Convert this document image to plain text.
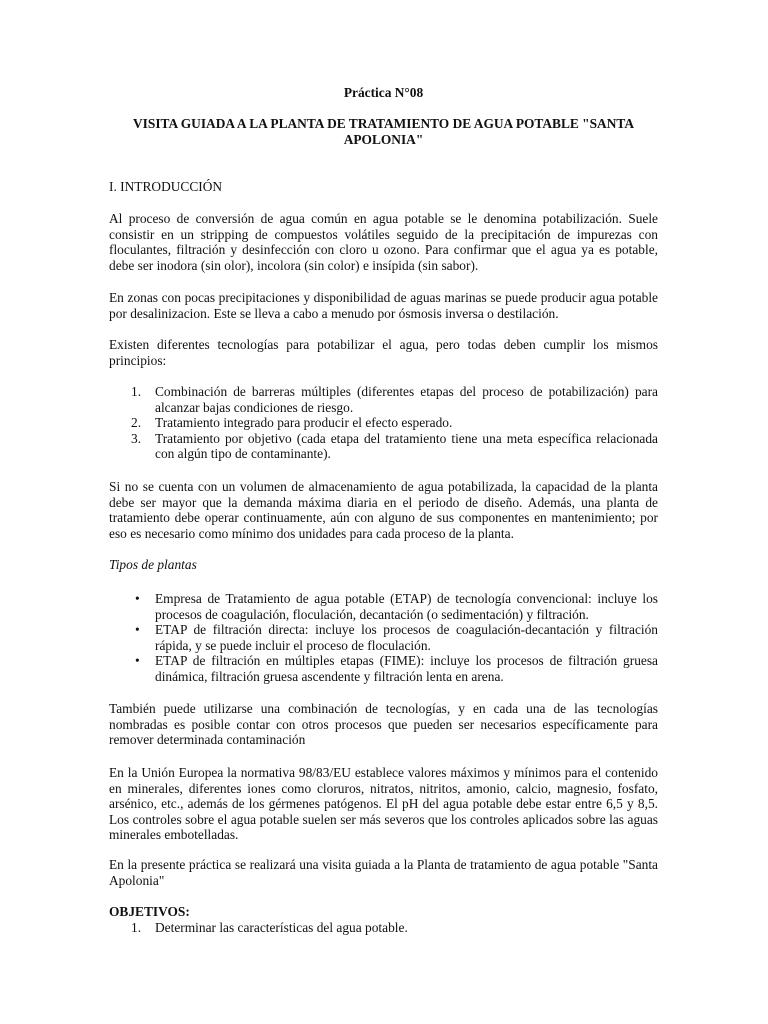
Práctica N°08

VISITA GUIADA A LA PLANTA DE TRATAMIENTO DE AGUA POTABLE "SANTA APOLONIA"

I. INTRODUCCIÓN

Al proceso de conversión de agua común en agua potable se le denomina potabilización. Suele consistir en un stripping de compuestos volátiles seguido de la precipitación de impurezas con floculantes, filtración y desinfección con cloro u ozono. Para confirmar que el agua ya es potable, debe ser inodora (sin olor), incolora (sin color) e insípida (sin sabor).

En zonas con pocas precipitaciones y disponibilidad de aguas marinas se puede producir agua potable por desalinizacion. Este se lleva a cabo a menudo por ósmosis inversa o destilación.

Existen diferentes tecnologías para potabilizar el agua, pero todas deben cumplir los mismos principios:

1.	Combinación de barreras múltiples (diferentes etapas del proceso de potabilización) para alcanzar bajas condiciones de riesgo.
2.	Tratamiento integrado para producir el efecto esperado.
3.	Tratamiento por objetivo (cada etapa del tratamiento tiene una meta específica relacionada con algún tipo de contaminante).

Si no se cuenta con un volumen de almacenamiento de agua potabilizada, la capacidad de la planta debe ser mayor que la demanda máxima diaria en el periodo de diseño. Además, una planta de tratamiento debe operar continuamente, aún con alguno de sus componentes en mantenimiento; por eso es necesario como mínimo dos unidades para cada proceso de la planta.

Tipos de plantas

•	Empresa de Tratamiento de agua potable (ETAP) de tecnología convencional: incluye los procesos de coagulación, floculación, decantación (o sedimentación) y filtración.
•	ETAP de filtración directa: incluye los procesos de coagulación-decantación y filtración rápida, y se puede incluir el proceso de floculación.
•	ETAP de filtración en múltiples etapas (FIME): incluye los procesos de filtración gruesa dinámica, filtración gruesa ascendente y filtración lenta en arena.

También puede utilizarse una combinación de tecnologías, y en cada una de las tecnologías nombradas es posible contar con otros procesos que pueden ser necesarios específicamente para remover determinada contaminación

En la Unión Europea la normativa 98/83/EU establece valores máximos y mínimos para el contenido en minerales, diferentes iones como cloruros, nitratos, nitritos, amonio, calcio, magnesio, fosfato, arsénico, etc., además de los gérmenes patógenos. El pH del agua potable debe estar entre 6,5 y 8,5. Los controles sobre el agua potable suelen ser más severos que los controles aplicados sobre las aguas minerales embotelladas.

En la presente práctica se realizará una visita guiada a la Planta de tratamiento de agua potable "Santa Apolonia"

OBJETIVOS:

1.	Determinar las características del agua potable.
